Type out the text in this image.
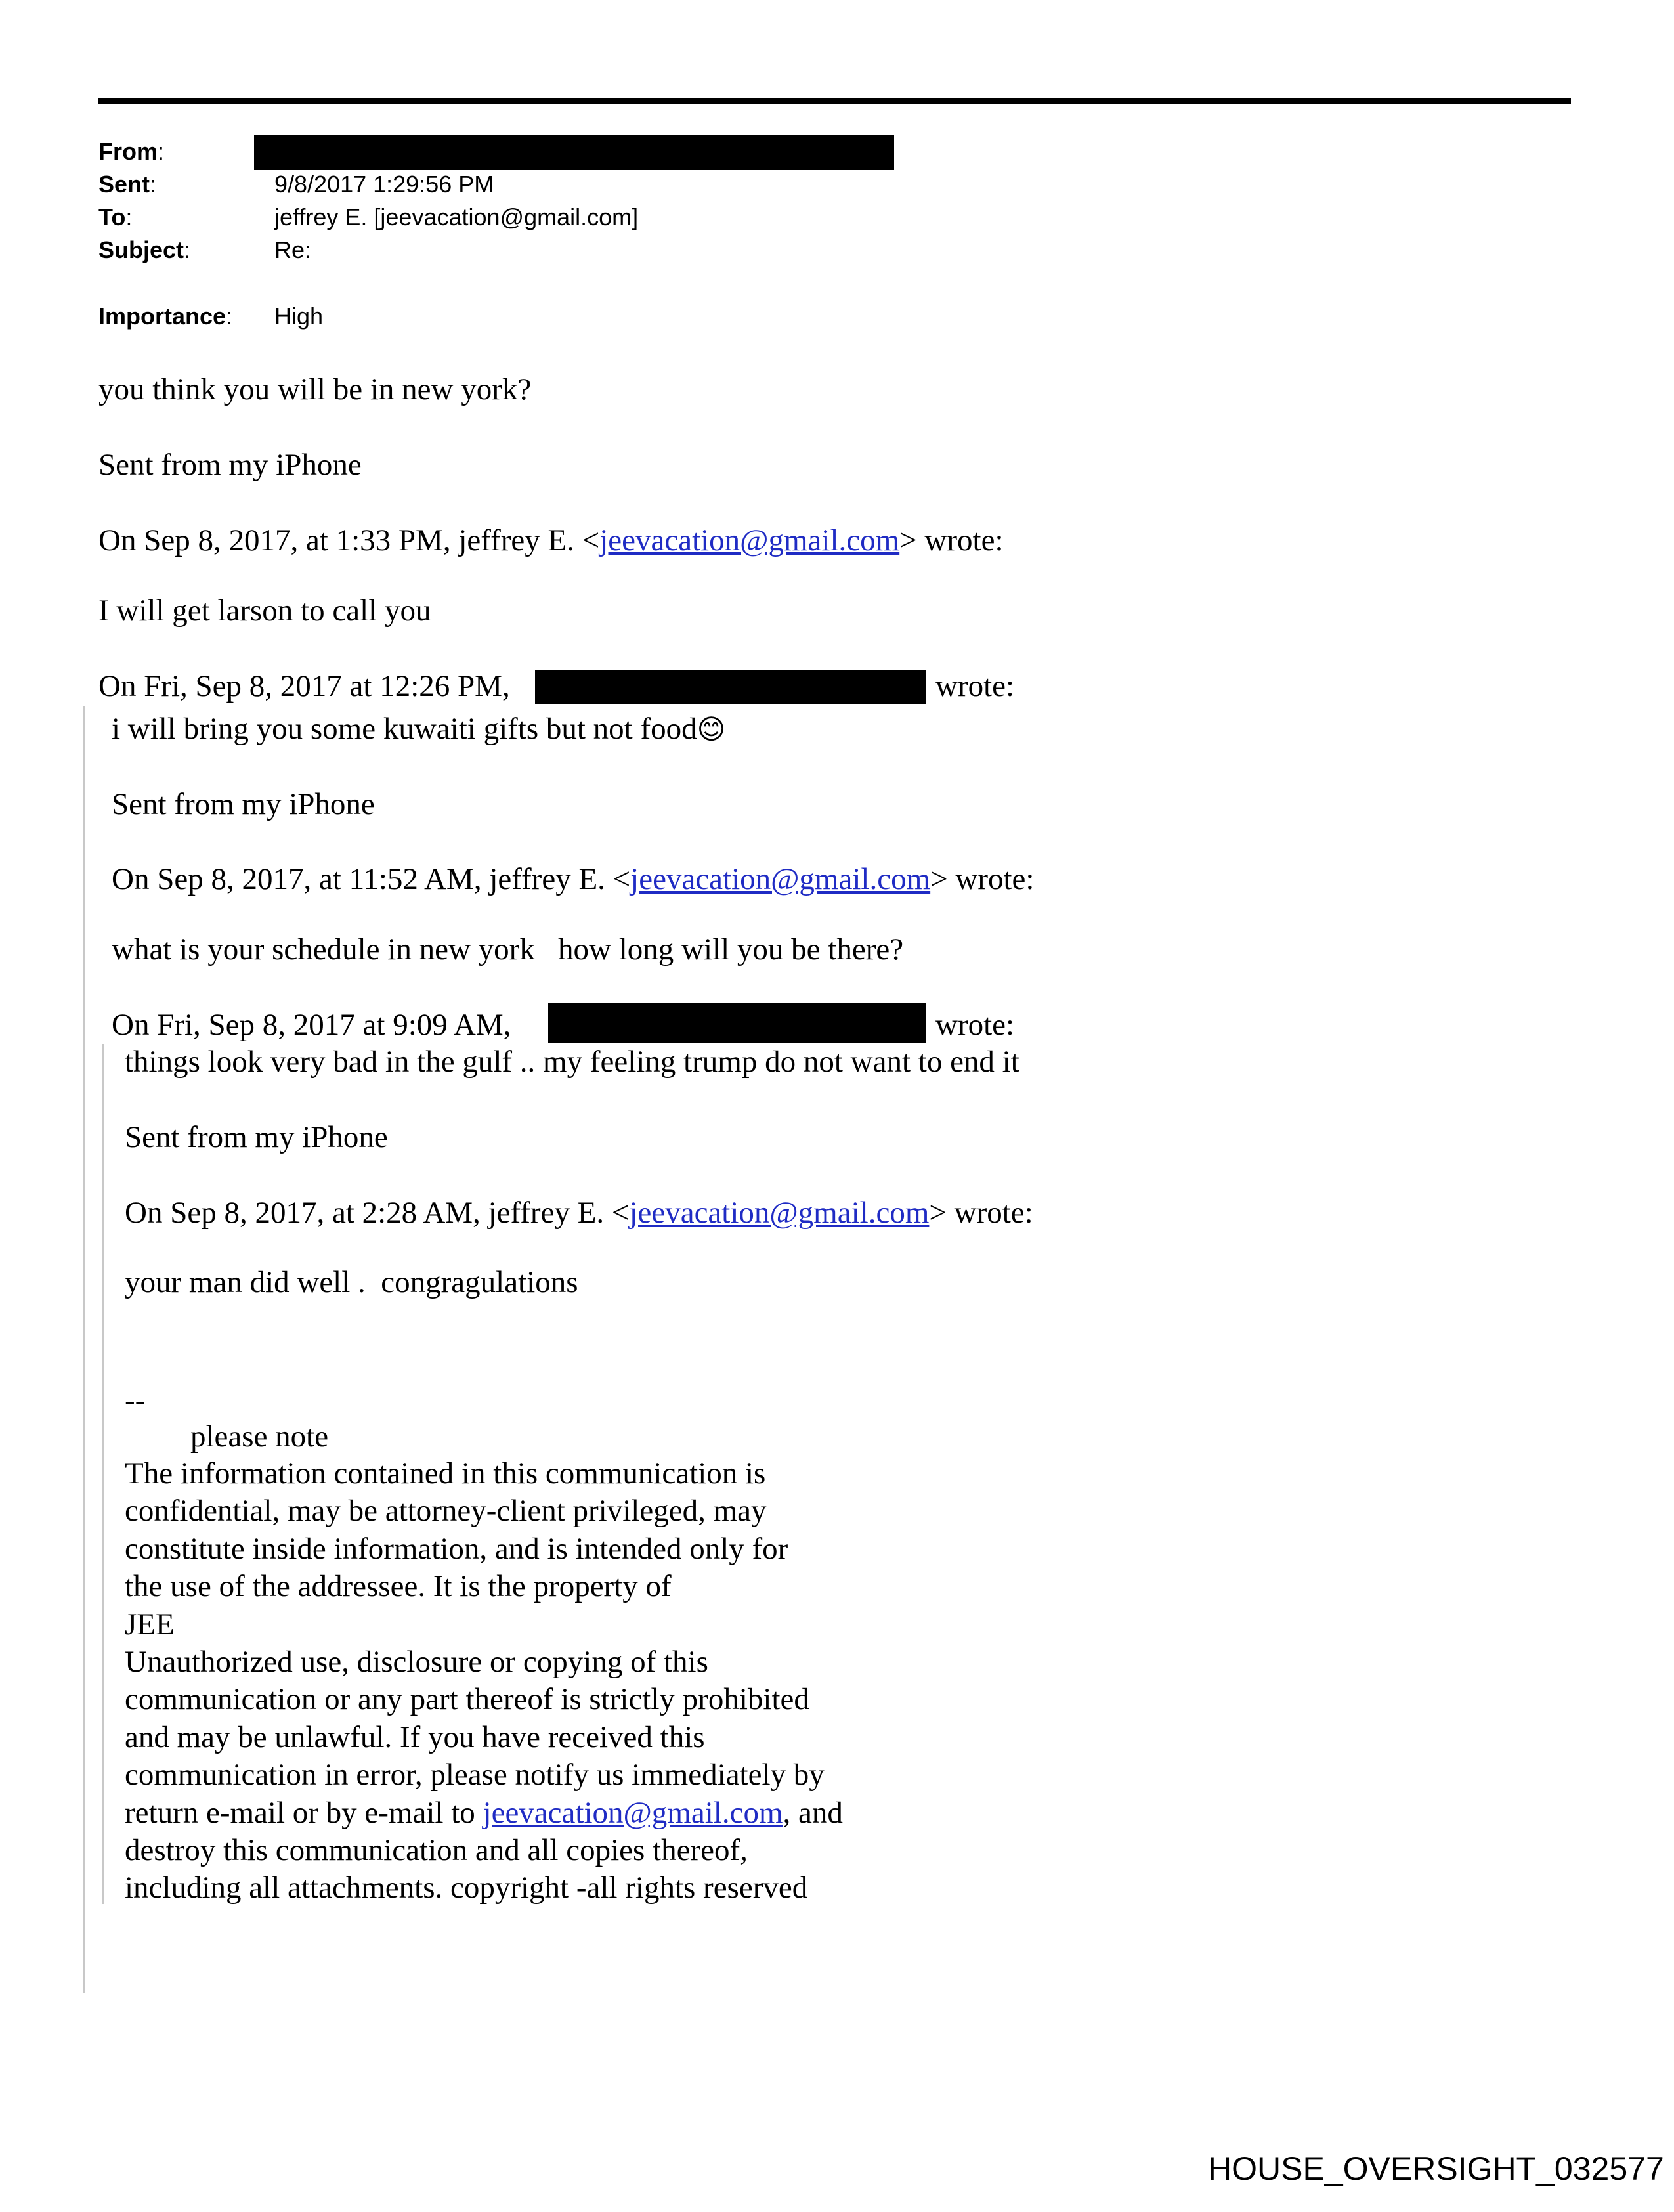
From:
Sent:	9/8/2017 1:29:56 PM
To:	jeffrey E. [jeevacation@gmail.com]
Subject:	Re:
Importance: High
you think you will be in new york?
Sent from my iPhone
On Sep 8, 2017, at 1:33 PM, jeffrey E. <jeevacation@gmail.com> wrote:
I will get larson to call you
On Fri, Sep 8, 2017 at 12:26 PM,	wrote:
i will bring you some kuwaiti gifts but not food😊
Sent from my iPhone
On Sep 8, 2017, at 11:52 AM, jeffrey E. <jeevacation@gmail.com> wrote:
what is your schedule in new york   how long will you be there?
On Fri, Sep 8, 2017 at 9:09 AM,	wrote:
things look very bad in the gulf .. my feeling trump do not want to end it
Sent from my iPhone
On Sep 8, 2017, at 2:28 AM, jeffrey E. <jeevacation@gmail.com> wrote:
your man did well .  congragulations
--
please note
The information contained in this communication is
confidential, may be attorney-client privileged, may
constitute inside information, and is intended only for
the use of the addressee. It is the property of
JEE
Unauthorized use, disclosure or copying of this
communication or any part thereof is strictly prohibited
and may be unlawful. If you have received this
communication in error, please notify us immediately by
return e-mail or by e-mail to jeevacation@gmail.com, and
destroy this communication and all copies thereof,
including all attachments. copyright -all rights reserved
HOUSE_OVERSIGHT_032577
